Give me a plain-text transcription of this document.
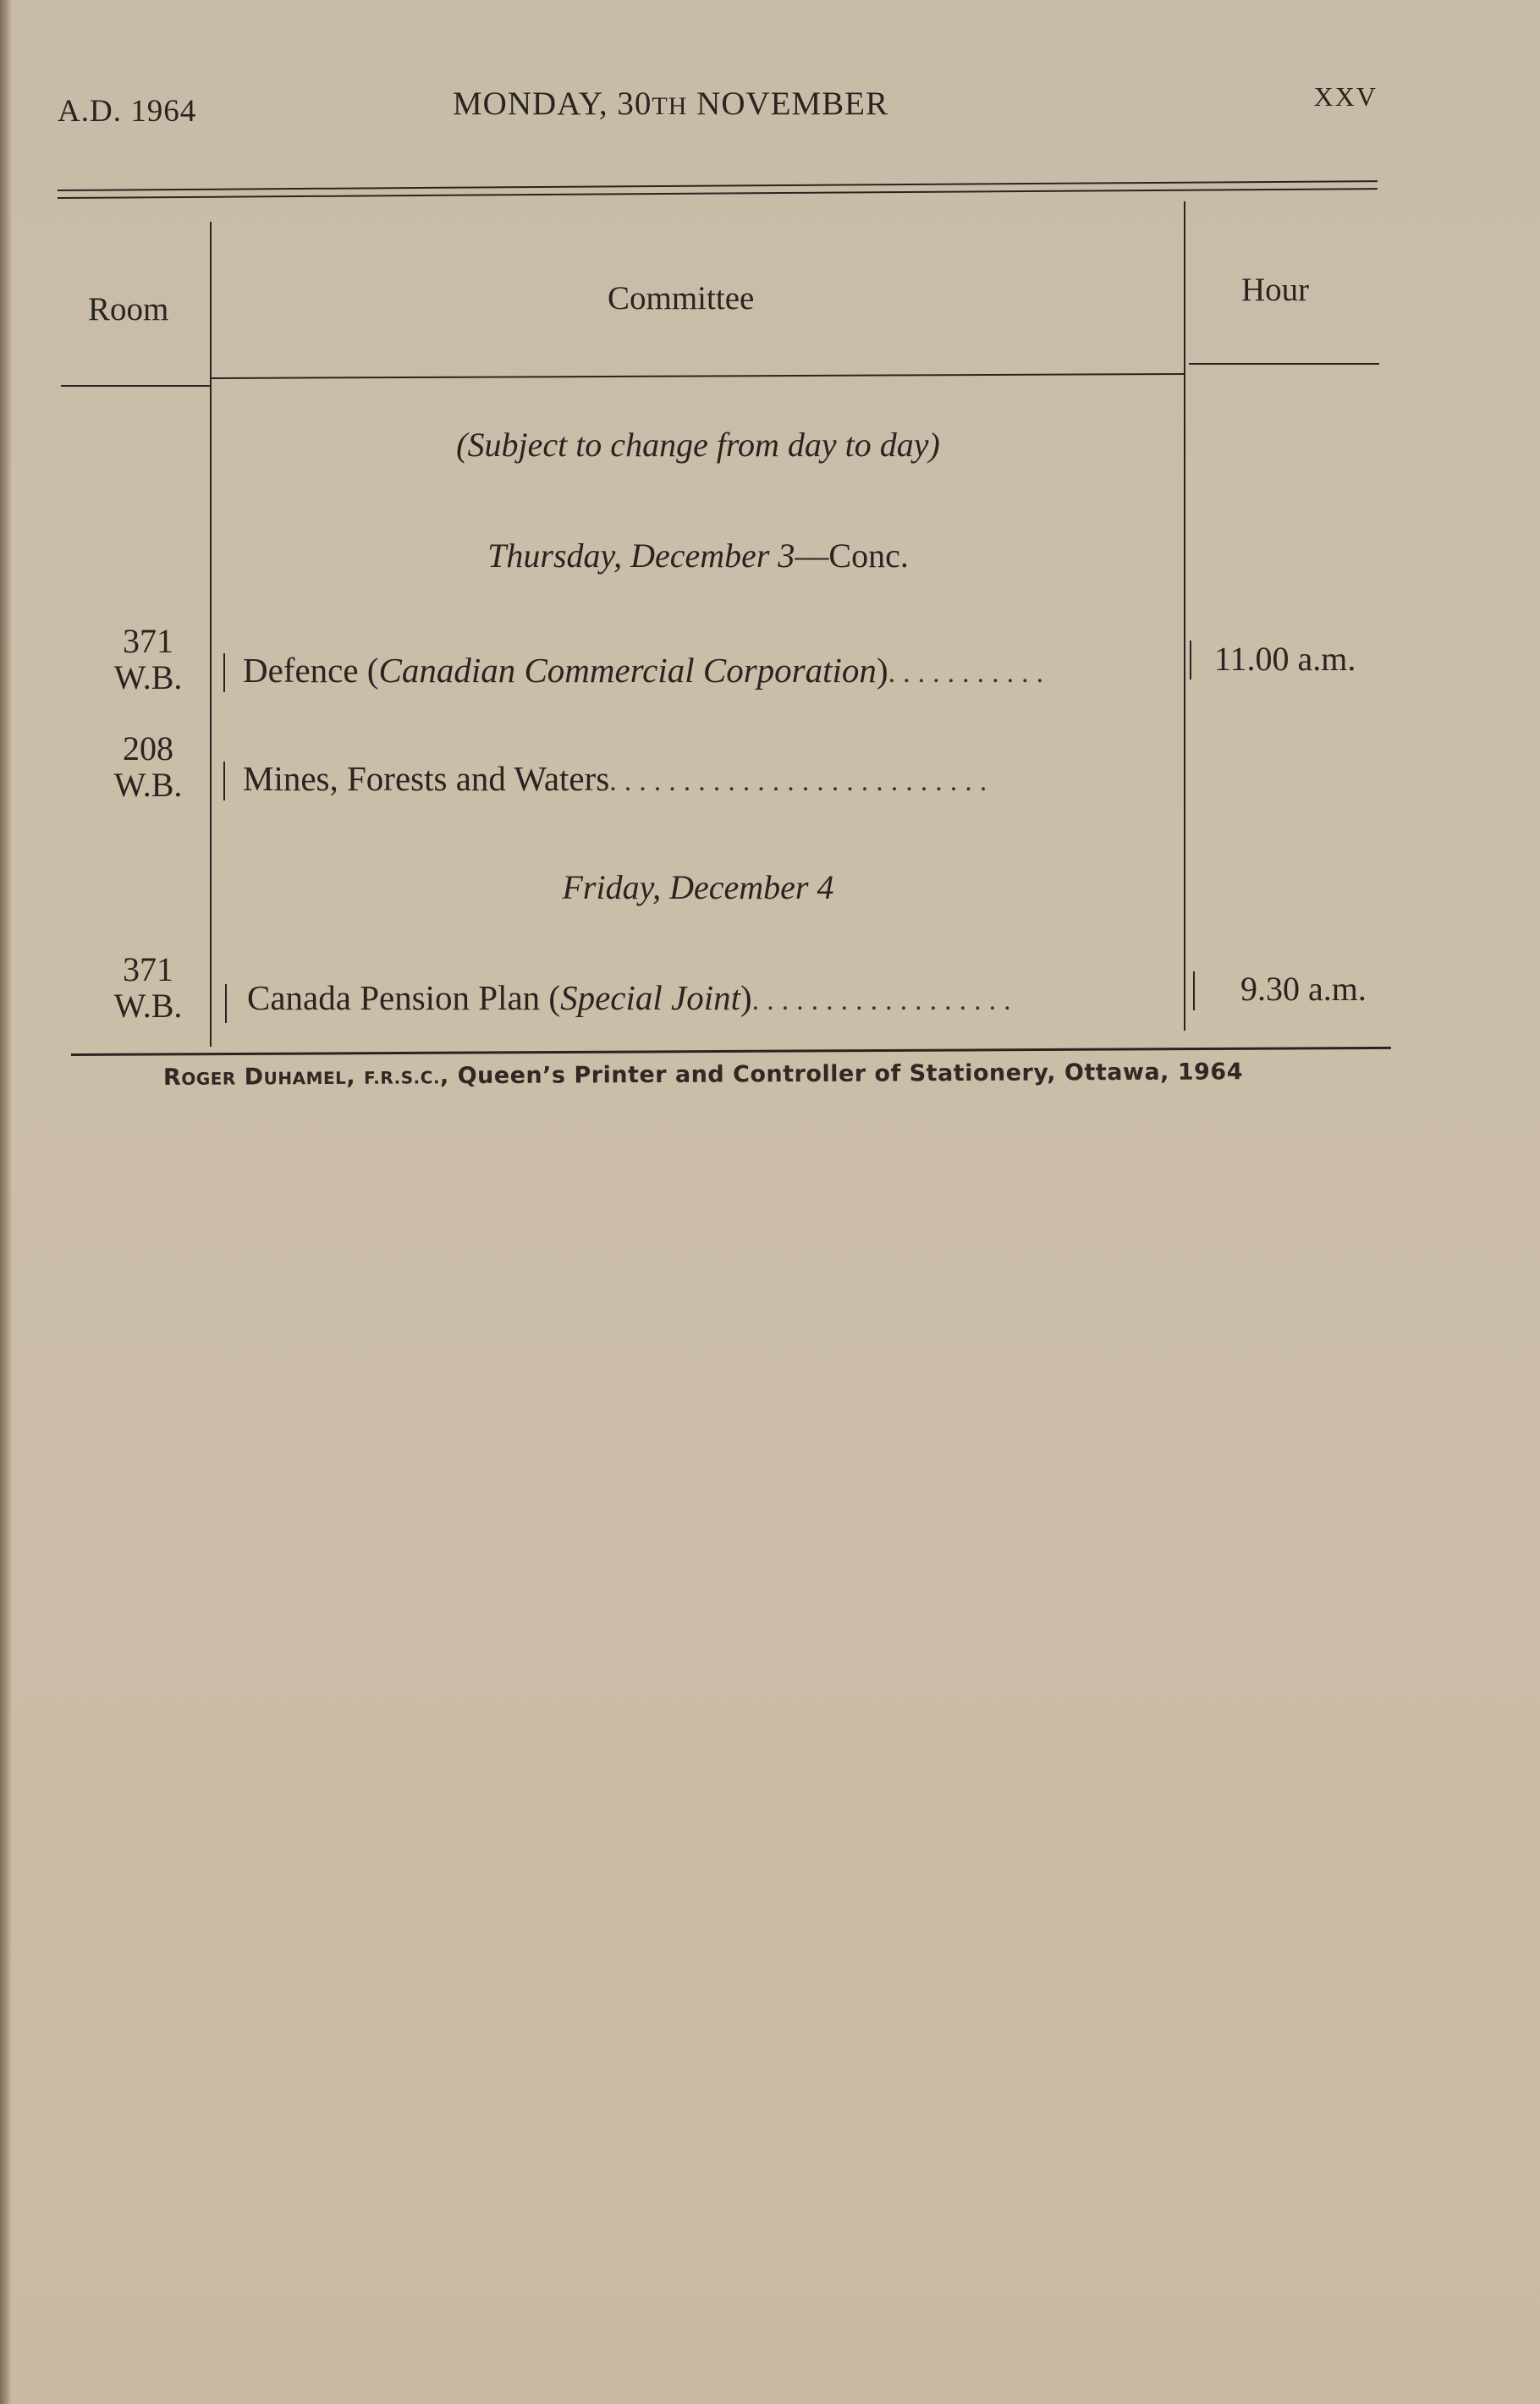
A.D. 1964	MONDAY, 30TH NOVEMBER	XXV
Room	Committee	Hour
(Subject to change from day to day)
Thursday, December 3—Conc.
371
W.B.	Defence (Canadian Commercial Corporation)...........	11.00 a.m.
208
W.B.	Mines, Forests and Waters..........................
Friday, December 4
371
W.B.	Canada Pension Plan (Special Joint)..................	9.30 a.m.
ROGER DUHAMEL, F.R.S.C., Queen’s Printer and Controller of Stationery, Ottawa, 1964
